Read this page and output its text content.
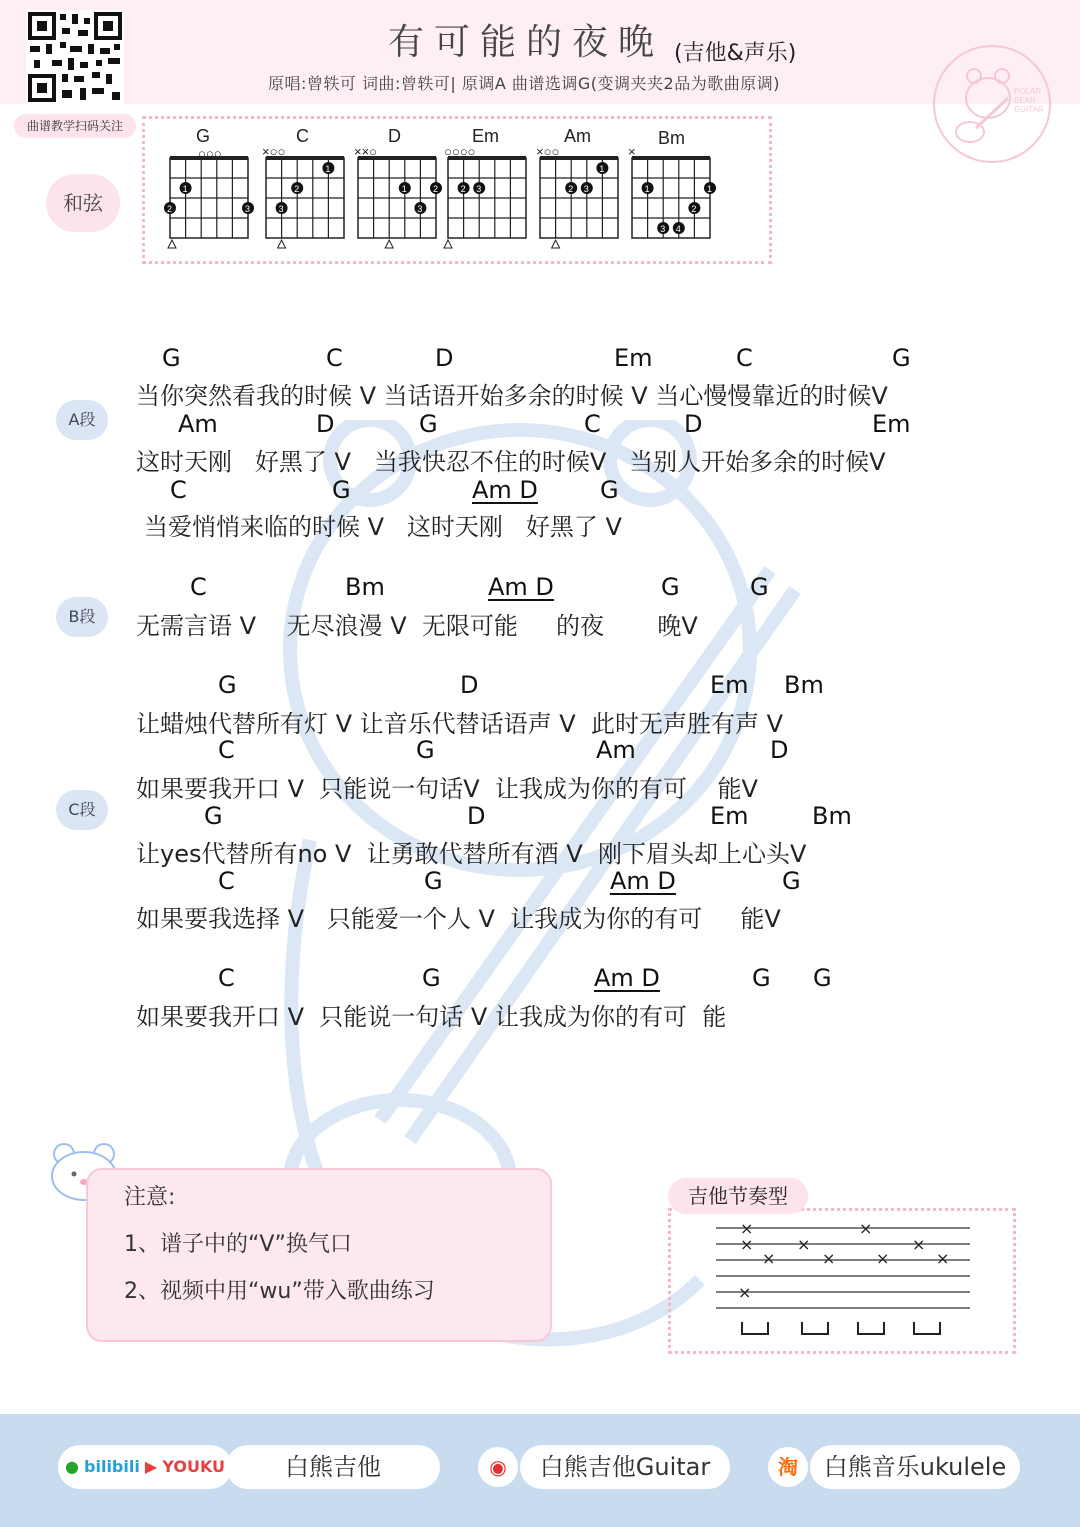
曲谱教学扫码关注
有可能的夜晚 (吉他&声乐)
原唱:曾轶可 词曲:曾轶可| 原调A 曲谱选调G(变调夹夹2品为歌曲原调)	POLAR
BEAR
GUITAR
和弦
G
○○○
1
2	3
C
×○○
1
2
3
D
××○
1	2
3
Em
○○○○
2 3
Am
×○○
1
2 3
Bm
×
1	1
2
3 4
A段
B段
C段
G	C	D	Em	C	G
当你突然看我的时候 V 当话语开始多余的时候 V 当心慢慢靠近的时候V
Am	D	G	C	D	Em
这时天刚   好黑了 V   当我快忍不住的时候V   当别人开始多余的时候V
C	G	Am D	G
当爱悄悄来临的时候 V   这时天刚   好黑了 V
C	Bm	Am D	G	G
无需言语 V    无尽浪漫 V  无限可能     的夜       晚V
G	D	Em Bm
让蜡烛代替所有灯 V 让音乐代替话语声 V  此时无声胜有声 V
C	G	Am	D
如果要我开口 V  只能说一句话V  让我成为你的有可    能V
G	D	Em	Bm
让yes代替所有no V  让勇敢代替所有酒 V  刚下眉头却上心头V
C	G	Am D	G
如果要我选择 V   只能爱一个人 V  让我成为你的有可     能V
C	G	Am D	G G
如果要我开口 V  只能说一句话 V 让我成为你的有可  能
注意:
1、谱子中的“V”换气口
2、视频中用“wu”带入歌曲练习
吉他节奏型
×	×
×	×	×
×	×	×	×
×
● bilibili ▶ YOUKU	白熊吉他	◉	白熊吉他Guitar	淘	白熊音乐ukulele
